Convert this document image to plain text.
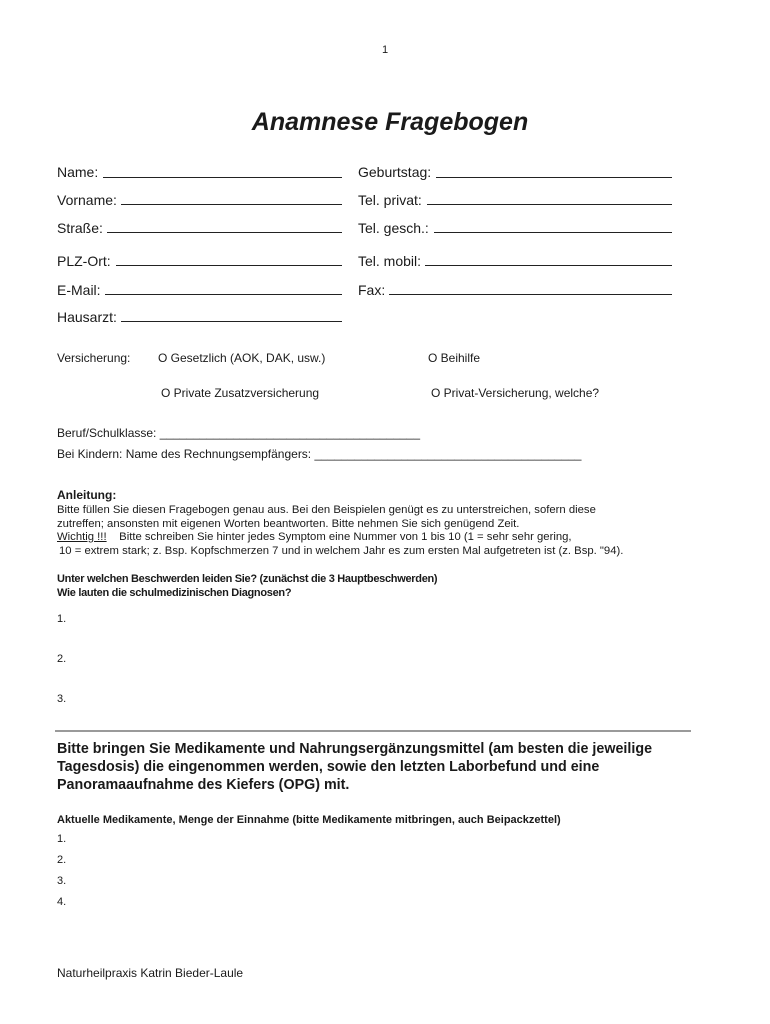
1
Anamnese Fragebogen
Name:
Vorname:
Straße:
PLZ-Ort:
E-Mail:
Hausarzt:
Geburtstag:
Tel. privat:
Tel. gesch.:
Tel. mobil:
Fax:
Versicherung: O Gesetzlich (AOK, DAK, usw.)	O Beihilfe
O Private Zusatzversicherung	O Privat-Versicherung, welche?
Beruf/Schulklasse: _______________________________________
Bei Kindern: Name des Rechnungsempfängers: ________________________________________
Anleitung:
Bitte füllen Sie diesen Fragebogen genau aus. Bei den Beispielen genügt es zu unterstreichen, sofern diese
zutreffen; ansonsten mit eigenen Worten beantworten. Bitte nehmen Sie sich genügend Zeit.
Wichtig !!! Bitte schreiben Sie hinter jedes Symptom eine Nummer von 1 bis 10 (1 = sehr sehr gering,
10 = extrem stark; z. Bsp. Kopfschmerzen 7 und in welchem Jahr es zum ersten Mal aufgetreten ist (z. Bsp. "94).
Unter welchen Beschwerden leiden Sie? (zunächst die 3 Hauptbeschwerden)
Wie lauten die schulmedizinischen Diagnosen?
1.
2.
3.
Bitte bringen Sie Medikamente und Nahrungsergänzungsmittel (am besten die jeweilige
Tagesdosis) die eingenommen werden, sowie den letzten Laborbefund und eine
Panoramaaufnahme des Kiefers (OPG) mit.
Aktuelle Medikamente, Menge der Einnahme (bitte Medikamente mitbringen, auch Beipackzettel)
1.
2.
3.
4.
Naturheilpraxis Katrin Bieder-Laule
